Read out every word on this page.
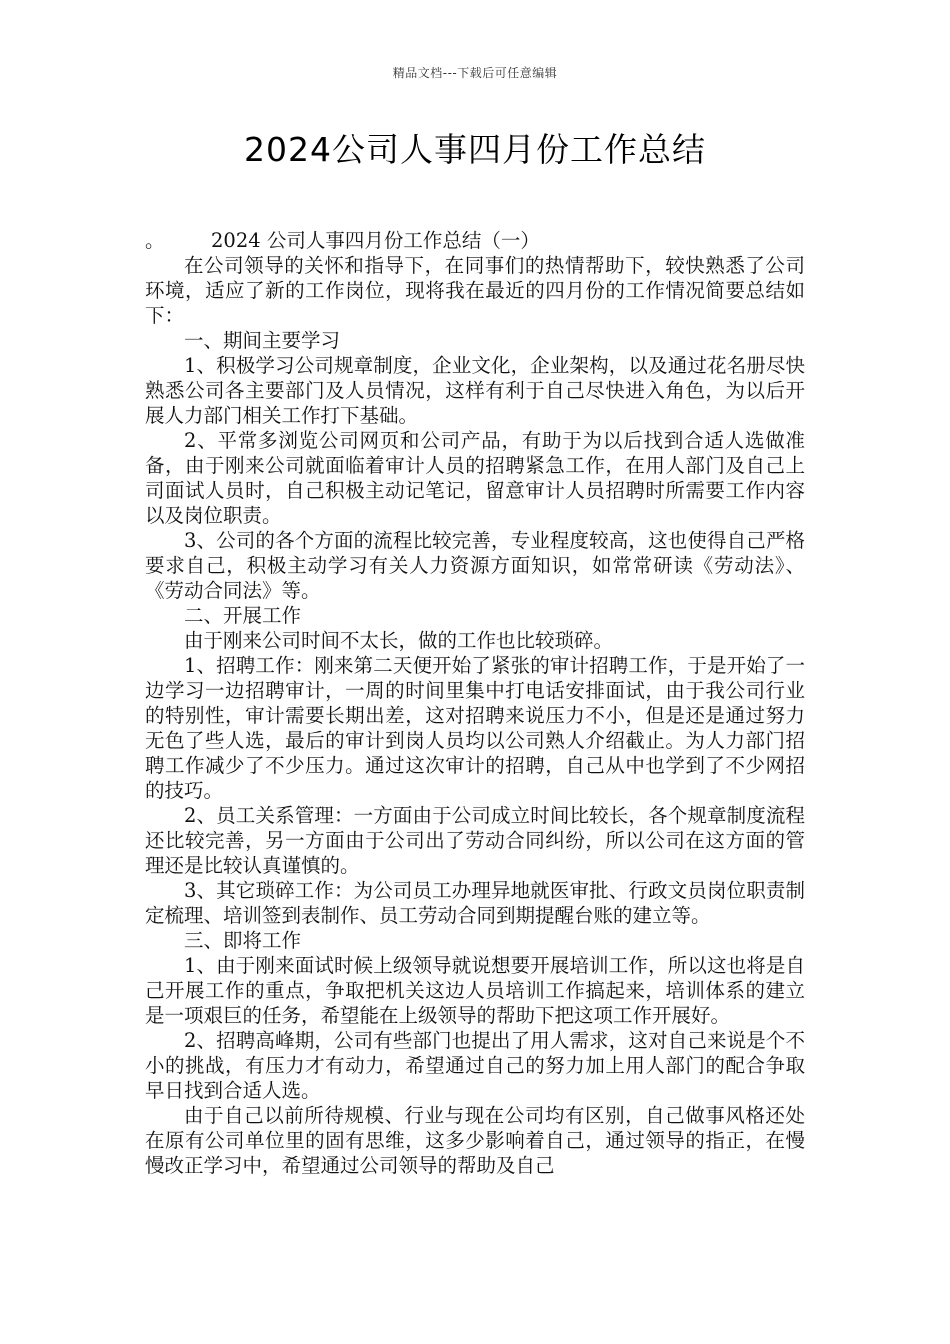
精品文档---下载后可任意编辑
2024公司人事四月份工作总结

。 2024 公司人事四月份工作总结（一）

在公司领导的关怀和指导下，在同事们的热情帮助下，较快熟悉了公司环境，适应了新的工作岗位，现将我在最近的四月份的工作情况简要总结如下：

一、期间主要学习

1、积极学习公司规章制度，企业文化，企业架构，以及通过花名册尽快熟悉公司各主要部门及人员情况，这样有利于自己尽快进入角色，为以后开展人力部门相关工作打下基础。

2、平常多浏览公司网页和公司产品，有助于为以后找到合适人选做准备，由于刚来公司就面临着审计人员的招聘紧急工作，在用人部门及自己上司面试人员时，自己积极主动记笔记，留意审计人员招聘时所需要工作内容以及岗位职责。

3、公司的各个方面的流程比较完善，专业程度较高，这也使得自己严格要求自己，积极主动学习有关人力资源方面知识，如常常研读《劳动法》、《劳动合同法》等。

二、开展工作

由于刚来公司时间不太长，做的工作也比较琐碎。

1、招聘工作：刚来第二天便开始了紧张的审计招聘工作，于是开始了一边学习一边招聘审计，一周的时间里集中打电话安排面试，由于我公司行业的特别性，审计需要长期出差，这对招聘来说压力不小，但是还是通过努力无色了些人选，最后的审计到岗人员均以公司熟人介绍截止。为人力部门招聘工作减少了不少压力。通过这次审计的招聘，自己从中也学到了不少网招的技巧。

2、员工关系管理：一方面由于公司成立时间比较长，各个规章制度流程还比较完善，另一方面由于公司出了劳动合同纠纷，所以公司在这方面的管理还是比较认真谨慎的。

3、其它琐碎工作：为公司员工办理异地就医审批、行政文员岗位职责制定梳理、培训签到表制作、员工劳动合同到期提醒台账的建立等。

三、即将工作

1、由于刚来面试时候上级领导就说想要开展培训工作，所以这也将是自己开展工作的重点，争取把机关这边人员培训工作搞起来，培训体系的建立是一项艰巨的任务，希望能在上级领导的帮助下把这项工作开展好。

2、招聘高峰期，公司有些部门也提出了用人需求，这对自己来说是个不小的挑战，有压力才有动力，希望通过自己的努力加上用人部门的配合争取早日找到合适人选。

由于自己以前所待规模、行业与现在公司均有区别，自己做事风格还处在原有公司单位里的固有思维，这多少影响着自己，通过领导的指正，在慢慢改正学习中，希望通过公司领导的帮助及自己
